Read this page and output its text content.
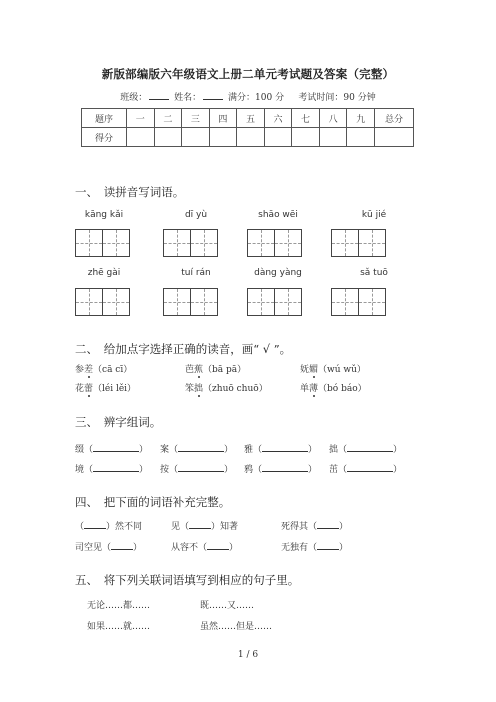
新版部编版六年级语文上册二单元考试题及答案（完整）
班级：	姓名：	满分：100 分 考试时间：90 分钟
题序	一	二	三	四	五	六	七	八	九	总分
得分										
一、　读拼音写词语。
kāng kǎi	dī yù	shāo wēi	kū jié
zhē gài	tuí rán	dàng yàng	sǎ tuō
二、　给加点字选择正确的读音，画“ √ ”。
参差（cā cī）	芭蕉（bā pā）	妩媚（wú wǔ）
花蕾（léi lěi）	笨拙（zhuō chuō）	单薄（bó báo）
三、　辨字组词。
缀（	） 案（	） 雅（	） 拙（	）
境（	） 按（	） 鸦（	） 茁（	）
四、　把下面的词语补充完整。
（ ）然不同	见（ ）知著	死得其（ ）
司空见（ ）	从容不（ ）	无独有（ ）
五、　将下列关联词语填写到相应的句子里。
无论……都……	既……又……
如果……就……	虽然……但是……
1 / 6
